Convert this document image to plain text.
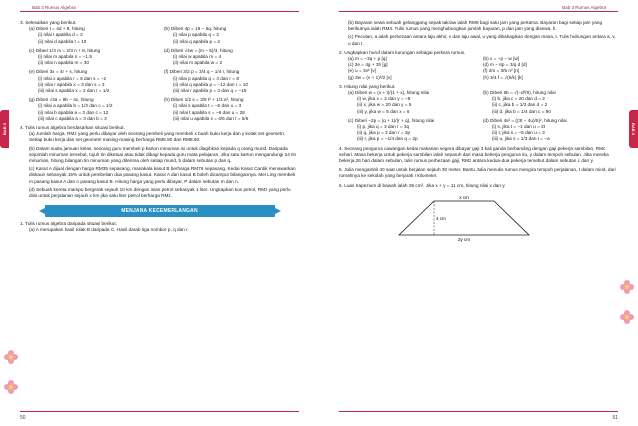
Bab 3 Rumus Algebra
BAB 3
3. Selesaikan yang berikut.
(a) Diberi t = 4d + 8, hitung
(i) nilai t apabila d = 2
(ii) nilai d apabila t = 10
(b) Diberi 4p = 18 − 5q, hitung
(i) nilai p apabila q = 2
(ii) nilai q apabila p = 2
(c) Diberi 1/3 m = 2/3 n + 8, hitung
(i) nilai m apabila n = −1.5
(ii) nilai n apabila m = 30
(d) Diberi √4w = (m − 5)/3, hitung
(i) nilai w apabila m = 4
(ii) nilai m apabila w = 2
(e) Diberi 3x = 4r + s, hitung
(i) nilai x apabila r = 5 dan s = −2
(ii) nilai r apabila x = 3 dan s = 3
(iii) nilai s apabila x = 2 dan r = 1/2
(f) Diberi 3/2 p = 3/4 q − 1/4 r, hitung
(i) nilai p apabila q = 3 dan r = 8
(ii) nilai q apabila p = −12 dan r = 10
(iii) nilai r apabila p = 3 dan q = −15
(g) Diberi √3a = 9b − 4c, hitung
(i) nilai a apabila b = 1/3 dan c = 1/2
(ii) nilai b apabila a = 3 dan c = 12
(iii) nilai c apabila a = 3 dan b = 3
(h) Diberi 1/2 s = 3/5 t² + 1/3 u², hitung
(i) nilai s apabila t = −5 dan u = 3
(ii) nilai t apabila s = −6 dan u = 28
(iii) nilai u apabila s = 4/6 dan t = 5/6
4. Tulis rumus algebra berdasarkan situasi berikut.
(a) Jumlah harga, RMz yang perlu dibayar oleh seorang pembeli yang membeli x buah buku kerja dan y kotak set geometri. Setiap buku kerja dan set geometri masing-masing berharga RM5.90 dan RM8.60.
(b) Dalam suatu jamuan kelas, seorang guru membeli p karton minuman isi untuk diagihkan kepada q orang murid. Daripada sejumlah minuman tersebut, tujuh tin diketuai atau tidak dibagi kepada guru mata pelajaran. Jika satu karton mengandungi 24 tin minuman, hitung bilangan tin minuman yang diterima oleh setiap murid, b dalam sebutan p dan q.
(c) Kasut A dijual dengan harga RM35 sepasang, manakala kasut B berharga RM76 sepasang. Kedai Kasut Cantik menawarkan diskaun sebanyak 15% untuk pembelian dua pasang kasut. Kasut A dan kasut B boleh dicampur bilangannya. Mei Ling membeli m pasang kasut A dan n pasang kasut B. Hitung harga yang perlu dibayar, P dalam sebutan m dan n.
(d) Sebuah kereta mampu bergerak sejauh 10 km dengan isian petrol sebanyak 1 liter. Ungkapkan kos petrol, RMz yang perlu diisi untuk perjalanan sejauh x km jika satu liter petrol berharga RMz.
MENJANA KECEMERLANGAN
1. Tulis rumus algebra daripada situasi berikut.
(a) A merupakan hasil tolak B daripada C. Hasil darab tiga nombor p, q dan r.
50
Bab 3 Rumus Algebra
BAB 3
(b) Bayaran sewa sebuah gelanggang sepak takraw ialah RM9 bagi satu jam yang pertama. Bayaran bagi setiap jam yang berikutnya ialah RM3. Tulis rumus yang menghubungkan jumlah bayaran, p dan jam yang disewa, h.
(c) Pecutan, a ialah perbezaan antara laju akhir, v dan laju awal, u yang dibahagikan dengan masa, t. Tulis hubungan antara a, v, u dan t.
2. Ungkapkan huruf dalam kurungan sebagai perkara rumus.
(a) m = −3q + p [q]	(b) x = −p − w [w]
(c) 2e = 4g + 3h [g]	(d) m − 6p = 3/q d [d]
(e) u = 3v² [v]	(f) 2m = 3/5 n² [n]
(g) 3w = (v + 1)²/2 [v]	(h) 3/4 f = √(5/k) [k]
3. Hitung nilai yang berikut.
(a) Diberi w = (x + t)/(1 + x), hitung nilai
(i) w, jika x = 2 dan y = −8
(ii) x, jika w = 20 dan y = 5
(iii) y, jika w = 5 dan x = 6
(b) Diberi 6b = √(−d²/9), hitung nilai
(i) b, jika c = 20 dan d = 2
(ii) c, jika b = 1/3 dan d = 2
(iii) d, jika b = 1/4 dan c = 90
(c) Diberi −2p = (q + 1)/(r + q), hitung nilai
(i) p, jika q = 3 dan r = 3q
(ii) q, jika p = 3 dan r = 2p
(iii) r, jika p = −1/4 dan q = 2p
(d) Diberi 4s² = ((3t − 4u)/5)², hitung nilai
(i) s, jika t = −1 dan u = 2t
(ii) t, jika s = −5 dan u = 3
(iii) u, jika s = 1/3 dan t = −a
4. Seorang pengurus cawangan kedai makanan segera dibayar gaji 3 kali ganda berbanding dengan gaji pekerja sambilan, RMc sehari. Masa bekerja untuk pekerja sambilan ialah separuh dari masa bekerja pengurus itu, y dalam tempoh sebulan. Jika mereka bekerja 26 hari dalam sebulan, tulis rumus perbezaan gaji, RMz antara kedua-dua pekerja tersebut dalam sebutan c dan y.
5. Julia mengambil 40 saat untuk berjalan sejauh 30 meter. Bantu Julia menulis rumus mengira tempoh perjalanan, t dalam minit, dari rumahnya ke sekolah yang berjarak r kilometer.
6. Luas trapezium di bawah ialah 36 cm². Jika x + y = 11 cm, hitung nilai x dan y.
x cm
4 cm
2y cm
51
